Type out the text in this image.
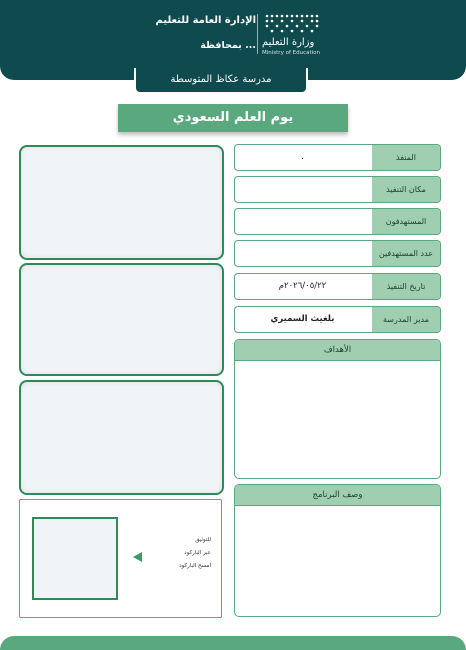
الإدارة العامة للتعليم
بمحافظة ... وزارة التعليم
Ministry of Education
مدرسة عكاظ المتوسطة
يوم العلم السعودي
.	المنفذ
مكان التنفيذ
المستهدفون
عدد المستهدفين
٢٠٢٦/٠٥/٢٢م	تاريخ التنفيذ
بلغيث السميري	مدير المدرسة
الأهداف
وصف البرنامج
للتوثيق
عبر الباركود
امسح الباركود
